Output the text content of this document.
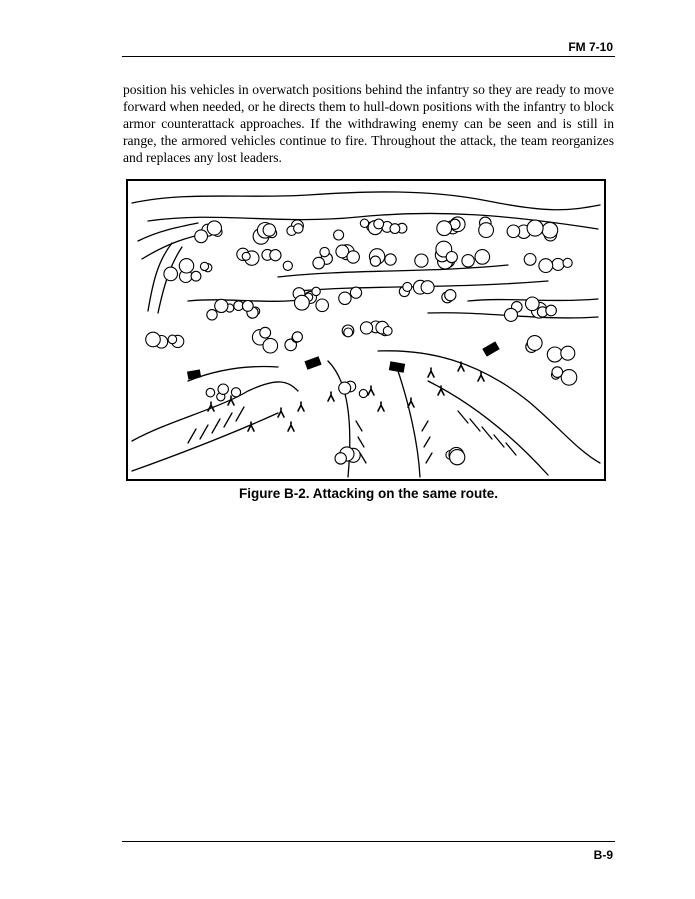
FM 7-10

position his vehicles in overwatch positions behind the infantry so they are ready to move forward when needed, or he directs them to hull-down positions with the infantry to block armor counterattack approaches. If the withdrawing enemy can be seen and is still in range, the armored vehicles continue to fire. Throughout the attack, the team reorganizes and replaces any lost leaders.

Figure B-2. Attacking on the same route.
B-9
